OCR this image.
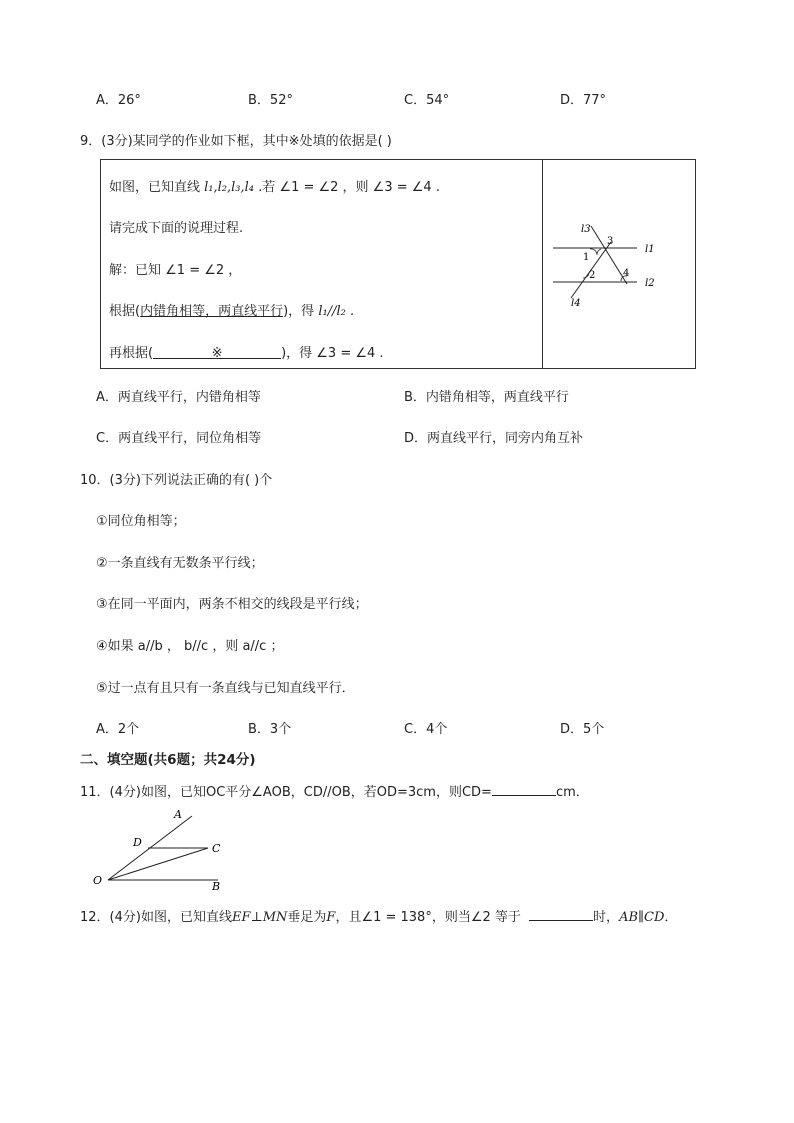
A．26°	B．52°	C．54°	D．77°
9．(3分)某同学的作业如下框，其中※处填的依据是( )
如图，已知直线 l₁,l₂,l₃,l₄ .若 ∠1 = ∠2 ，则 ∠3 = ∠4 .
请完成下面的说理过程.
解：已知 ∠1 = ∠2 ，
根据(内错角相等，两直线平行)，得 l₁//l₂ .
再根据(	※	)，得 ∠3 = ∠4 .
l3
l1
l2
l4
1
2
3
4
A．两直线平行，内错角相等	B．内错角相等，两直线平行
C．两直线平行，同位角相等	D．两直线平行，同旁内角互补
10．(3分)下列说法正确的有( )个
①同位角相等；
②一条直线有无数条平行线；
③在同一平面内，两条不相交的线段是平行线；
④如果 a//b ， b//c ，则 a//c ；
⑤过一点有且只有一条直线与已知直线平行．
A．2个	B．3个	C．4个	D．5个
二、填空题(共6题；共24分)
11．(4分)如图，已知OC平分∠AOB，CD//OB，若OD=3cm，则CD=	cm．
A
D	C
O	B
12．(4分)如图，已知直线EF⊥MN垂足为F，且∠1 = 138°，则当∠2 等于	时，AB∥CD．
